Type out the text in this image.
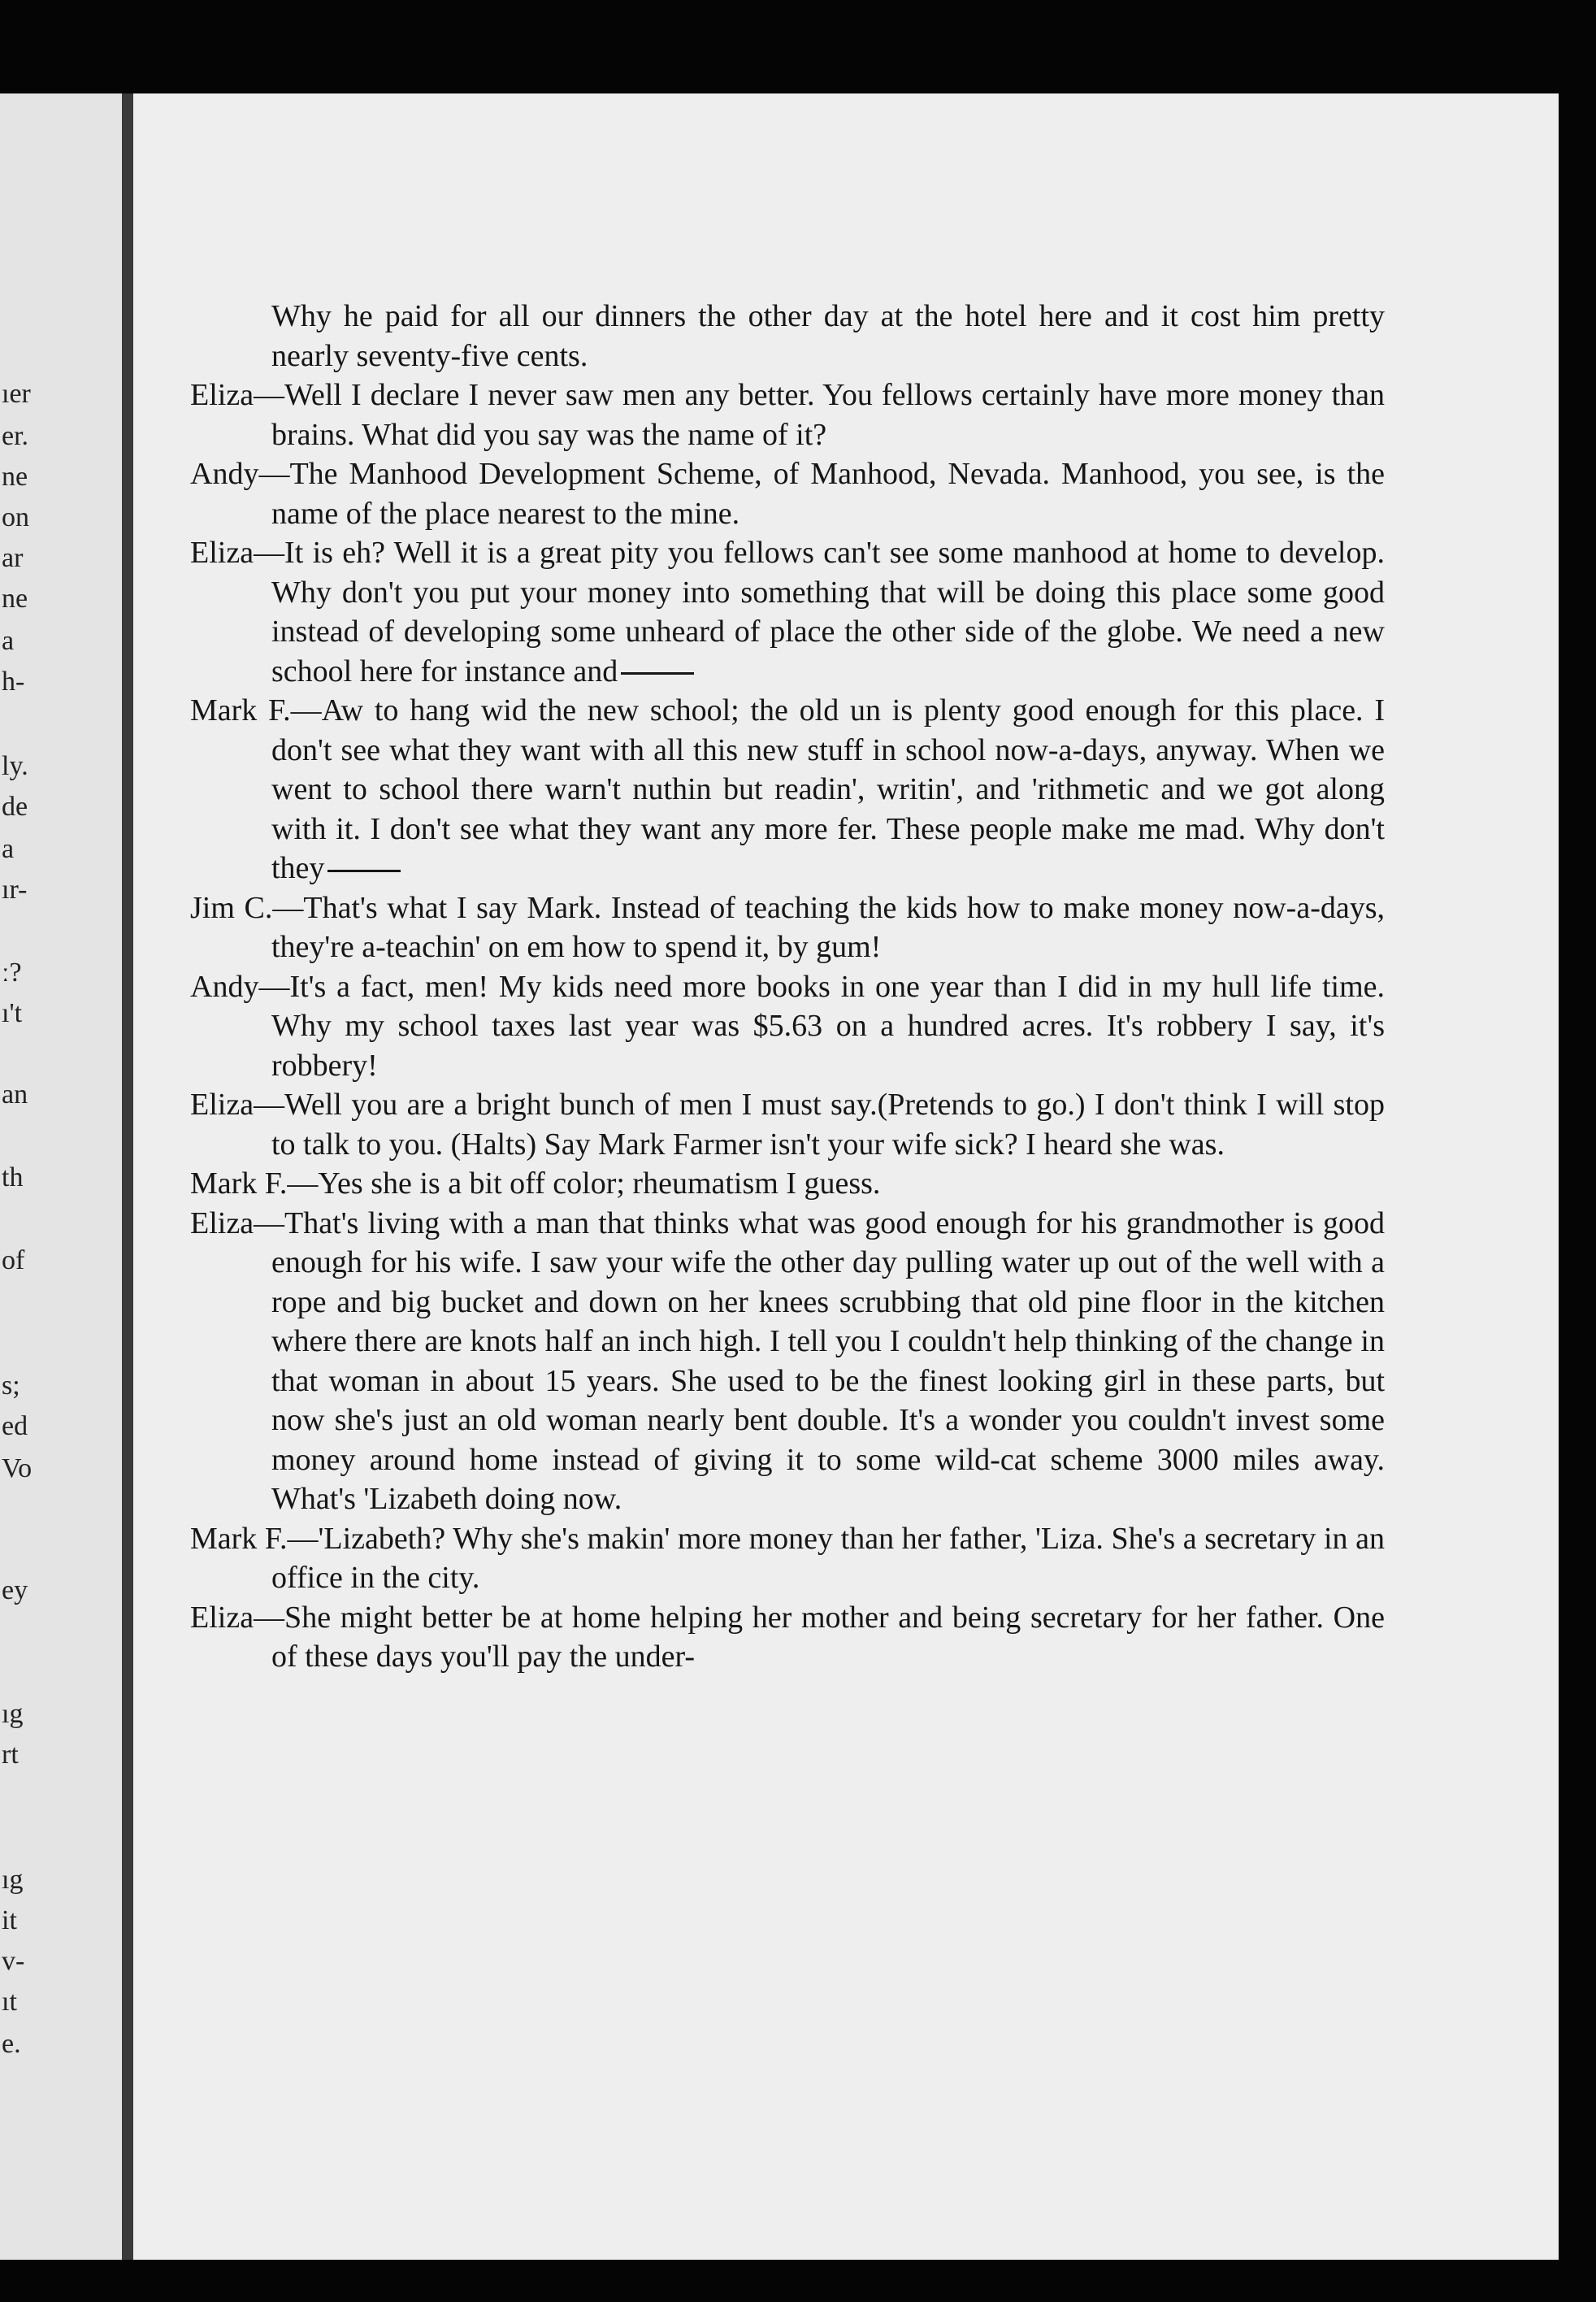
ıer
er.
ne
on
ar
ne
a
h-
ly.
de
a
ır-
ː?
ı't
an
th
of
s;
ed
Vo
ey
ıg
rt
ıg
it
v-
ıt
e.

Why he paid for all our dinners the other day at the hotel here and it cost him pretty nearly seventy-five cents.

Eliza—Well I declare I never saw men any better. You fellows certainly have more money than brains. What did you say was the name of it?

Andy—The Manhood Development Scheme, of Manhood, Nevada. Manhood, you see, is the name of the place nearest to the mine.

Eliza—It is eh? Well it is a great pity you fellows can't see some manhood at home to develop. Why don't you put your money into something that will be doing this place some good instead of developing some unheard of place the other side of the globe. We need a new school here for instance and

Mark F.—Aw to hang wid the new school; the old un is plenty good enough for this place. I don't see what they want with all this new stuff in school now-a-days, anyway. When we went to school there warn't nuthin but readin', writin', and 'rithmetic and we got along with it. I don't see what they want any more fer. These people make me mad. Why don't they

Jim C.—That's what I say Mark. Instead of teaching the kids how to make money now-a-days, they're a-teachin' on em how to spend it, by gum!

Andy—It's a fact, men! My kids need more books in one year than I did in my hull life time. Why my school taxes last year was $5.63 on a hundred acres. It's robbery I say, it's robbery!

Eliza—Well you are a bright bunch of men I must say.(Pretends to go.) I don't think I will stop to talk to you. (Halts) Say Mark Farmer isn't your wife sick? I heard she was.

Mark F.—Yes she is a bit off color; rheumatism I guess.

Eliza—That's living with a man that thinks what was good enough for his grandmother is good enough for his wife. I saw your wife the other day pulling water up out of the well with a rope and big bucket and down on her knees scrubbing that old pine floor in the kitchen where there are knots half an inch high. I tell you I couldn't help thinking of the change in that woman in about 15 years. She used to be the finest looking girl in these parts, but now she's just an old woman nearly bent double. It's a wonder you couldn't invest some money around home instead of giving it to some wild-cat scheme 3000 miles away. What's 'Lizabeth doing now.

Mark F.—'Lizabeth? Why she's makin' more money than her father, 'Liza. She's a secretary in an office in the city.

Eliza—She might better be at home helping her mother and being secretary for her father. One of these days you'll pay the under-
